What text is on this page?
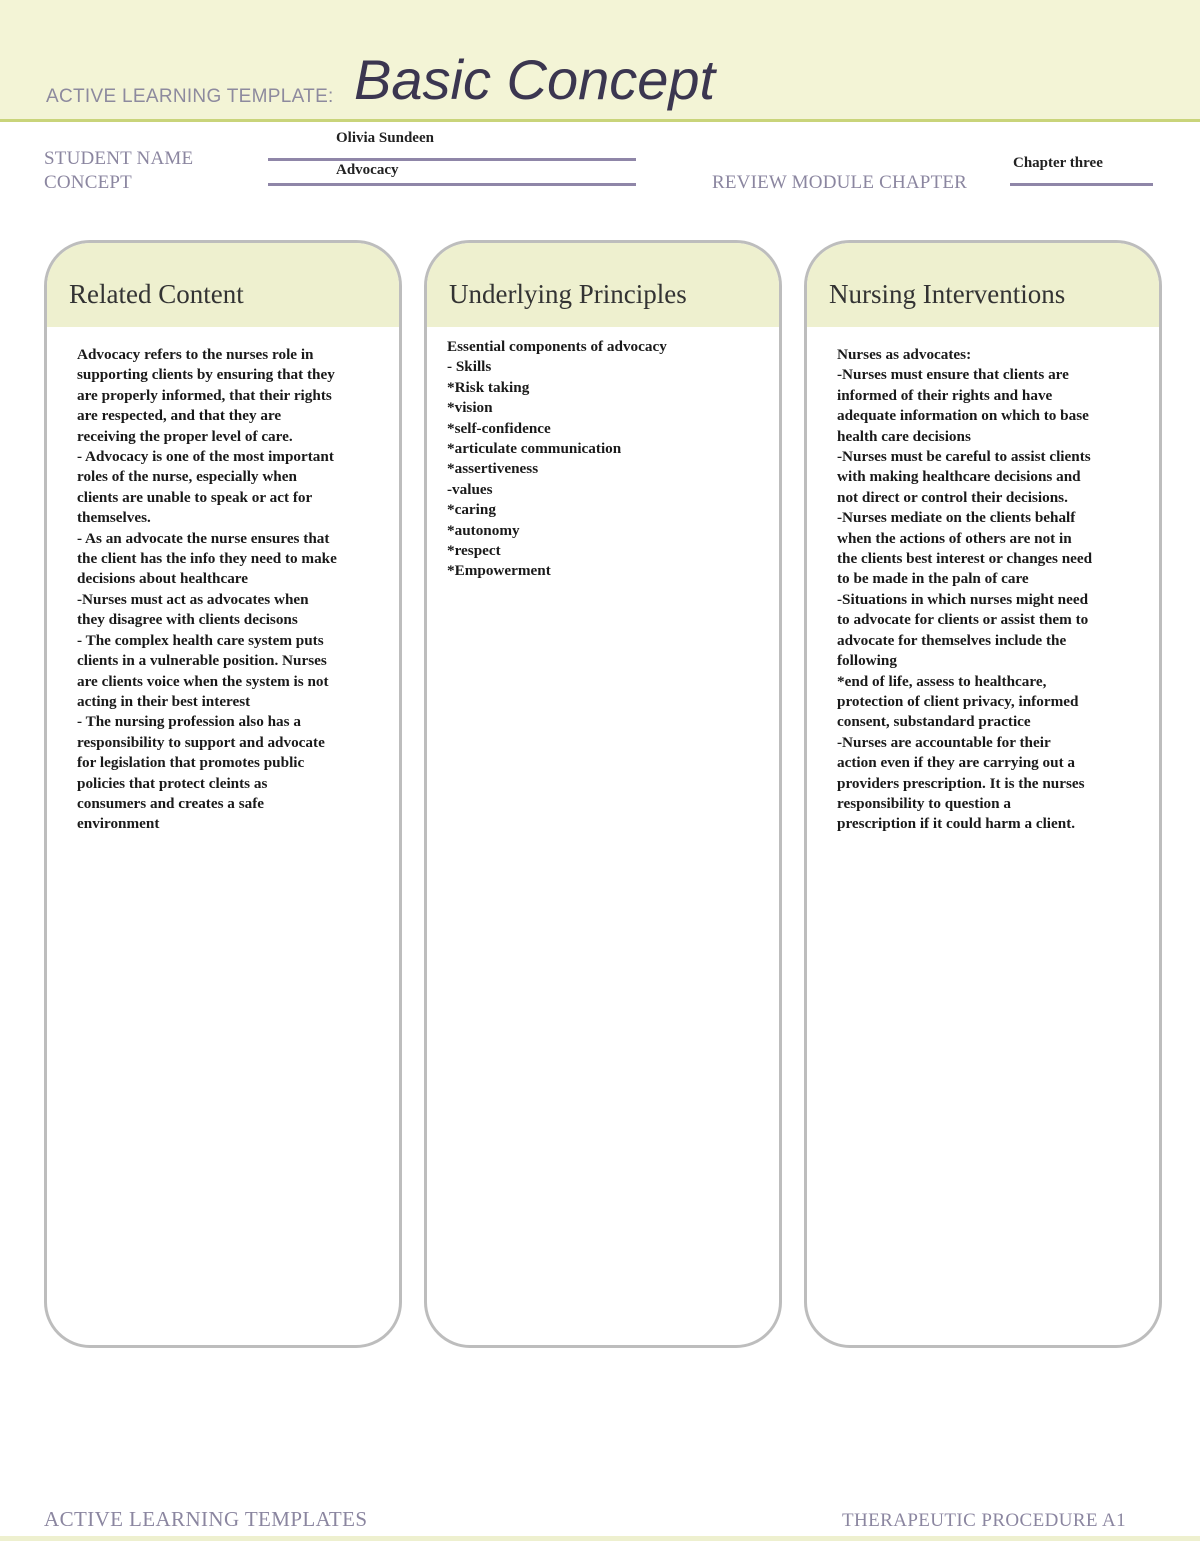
ACTIVE LEARNING TEMPLATE: Basic Concept
Olivia Sundeen
STUDENT NAME
Advocacy
CONCEPT
Chapter three
REVIEW MODULE CHAPTER
Related Content
Advocacy refers to the nurses role in
supporting clients by ensuring that they
are properly informed, that their rights
are respected, and that they are
receiving the proper level of care.
- Advocacy is one of the most important
roles of the nurse, especially when
clients are unable to speak or act for
themselves.
- As an advocate the nurse ensures that
the client has the info they need to make
decisions about healthcare
-Nurses must act as advocates when
they disagree with clients decisons
- The complex health care system puts
clients in a vulnerable position. Nurses
are clients voice when the system is not
acting in their best interest
- The nursing profession also has a
responsibility to support and advocate
for legislation that promotes public
policies that protect cleints as
consumers and creates a safe
environment
Underlying Principles
Essential components of advocacy
- Skills
*Risk taking
*vision
*self-confidence
*articulate communication
*assertiveness
-values
*caring
*autonomy
*respect
*Empowerment
Nursing Interventions
Nurses as advocates:
-Nurses must ensure that clients are
informed of their rights and have
adequate information on which to base
health care decisions
-Nurses must be careful to assist clients
with making healthcare decisions and
not direct or control their decisions.
-Nurses mediate on the clients behalf
when the actions of others are not in
the clients best interest or changes need
to be made in the paln of care
-Situations in which nurses might need
to advocate for clients or assist them to
advocate for themselves include the
following
*end of life, assess to healthcare,
protection of client privacy, informed
consent, substandard practice
-Nurses are accountable for their
action even if they are carrying out a
providers prescription. It is the nurses
responsibility to question a
prescription if it could harm a client.
ACTIVE LEARNING TEMPLATES	THERAPEUTIC PROCEDURE A1
